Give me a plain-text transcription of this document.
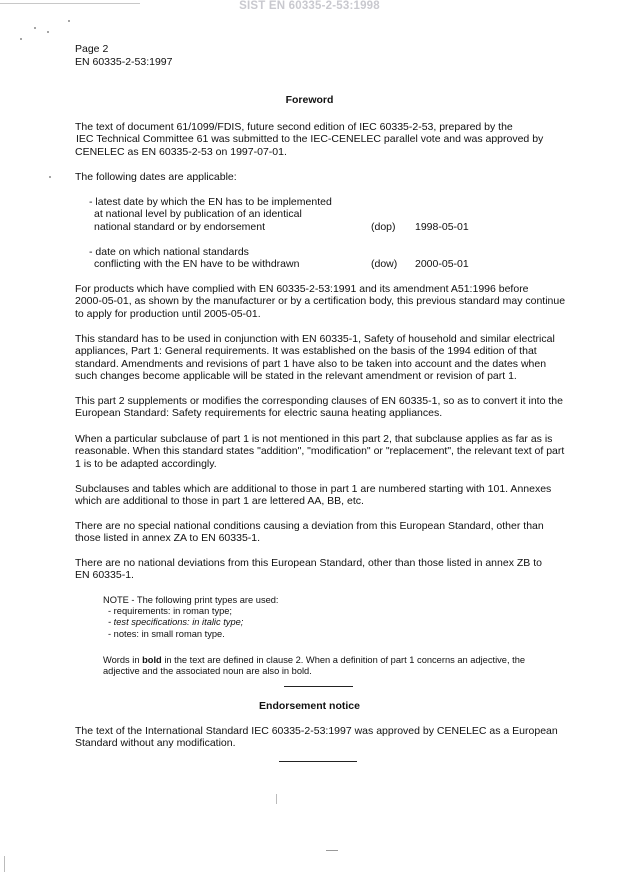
SIST EN 60335-2-53:1998
Page 2
EN 60335-2-53:1997
Foreword
The text of document 61/1099/FDIS, future second edition of IEC 60335-2-53, prepared by the
IEC Technical Committee 61 was submitted to the IEC-CENELEC parallel vote and was approved by
CENELEC as EN 60335-2-53 on 1997-07-01.
The following dates are applicable:
- latest date by which the EN has to be implemented
at national level by publication of an identical
national standard or by endorsement	(dop) 1998-05-01
- date on which national standards
conflicting with the EN have to be withdrawn	(dow) 2000-05-01
For products which have complied with EN 60335-2-53:1991 and its amendment A51:1996 before
2000-05-01, as shown by the manufacturer or by a certification body, this previous standard may continue
to apply for production until 2005-05-01.
This standard has to be used in conjunction with EN 60335-1, Safety of household and similar electrical
appliances, Part 1: General requirements. It was established on the basis of the 1994 edition of that
standard. Amendments and revisions of part 1 have also to be taken into account and the dates when
such changes become applicable will be stated in the relevant amendment or revision of part 1.
This part 2 supplements or modifies the corresponding clauses of EN 60335-1, so as to convert it into the
European Standard: Safety requirements for electric sauna heating appliances.
When a particular subclause of part 1 is not mentioned in this part 2, that subclause applies as far as is
reasonable. When this standard states "addition", "modification" or "replacement", the relevant text of part
1 is to be adapted accordingly.
Subclauses and tables which are additional to those in part 1 are numbered starting with 101. Annexes
which are additional to those in part 1 are lettered AA, BB, etc.
There are no special national conditions causing a deviation from this European Standard, other than
those listed in annex ZA to EN 60335-1.
There are no national deviations from this European Standard, other than those listed in annex ZB to
EN 60335-1.
NOTE - The following print types are used:
- requirements: in roman type;
- test specifications: in italic type;
- notes: in small roman type.
Words in bold in the text are defined in clause 2. When a definition of part 1 concerns an adjective, the
adjective and the associated noun are also in bold.
Endorsement notice
The text of the International Standard IEC 60335-2-53:1997 was approved by CENELEC as a European
Standard without any modification.
